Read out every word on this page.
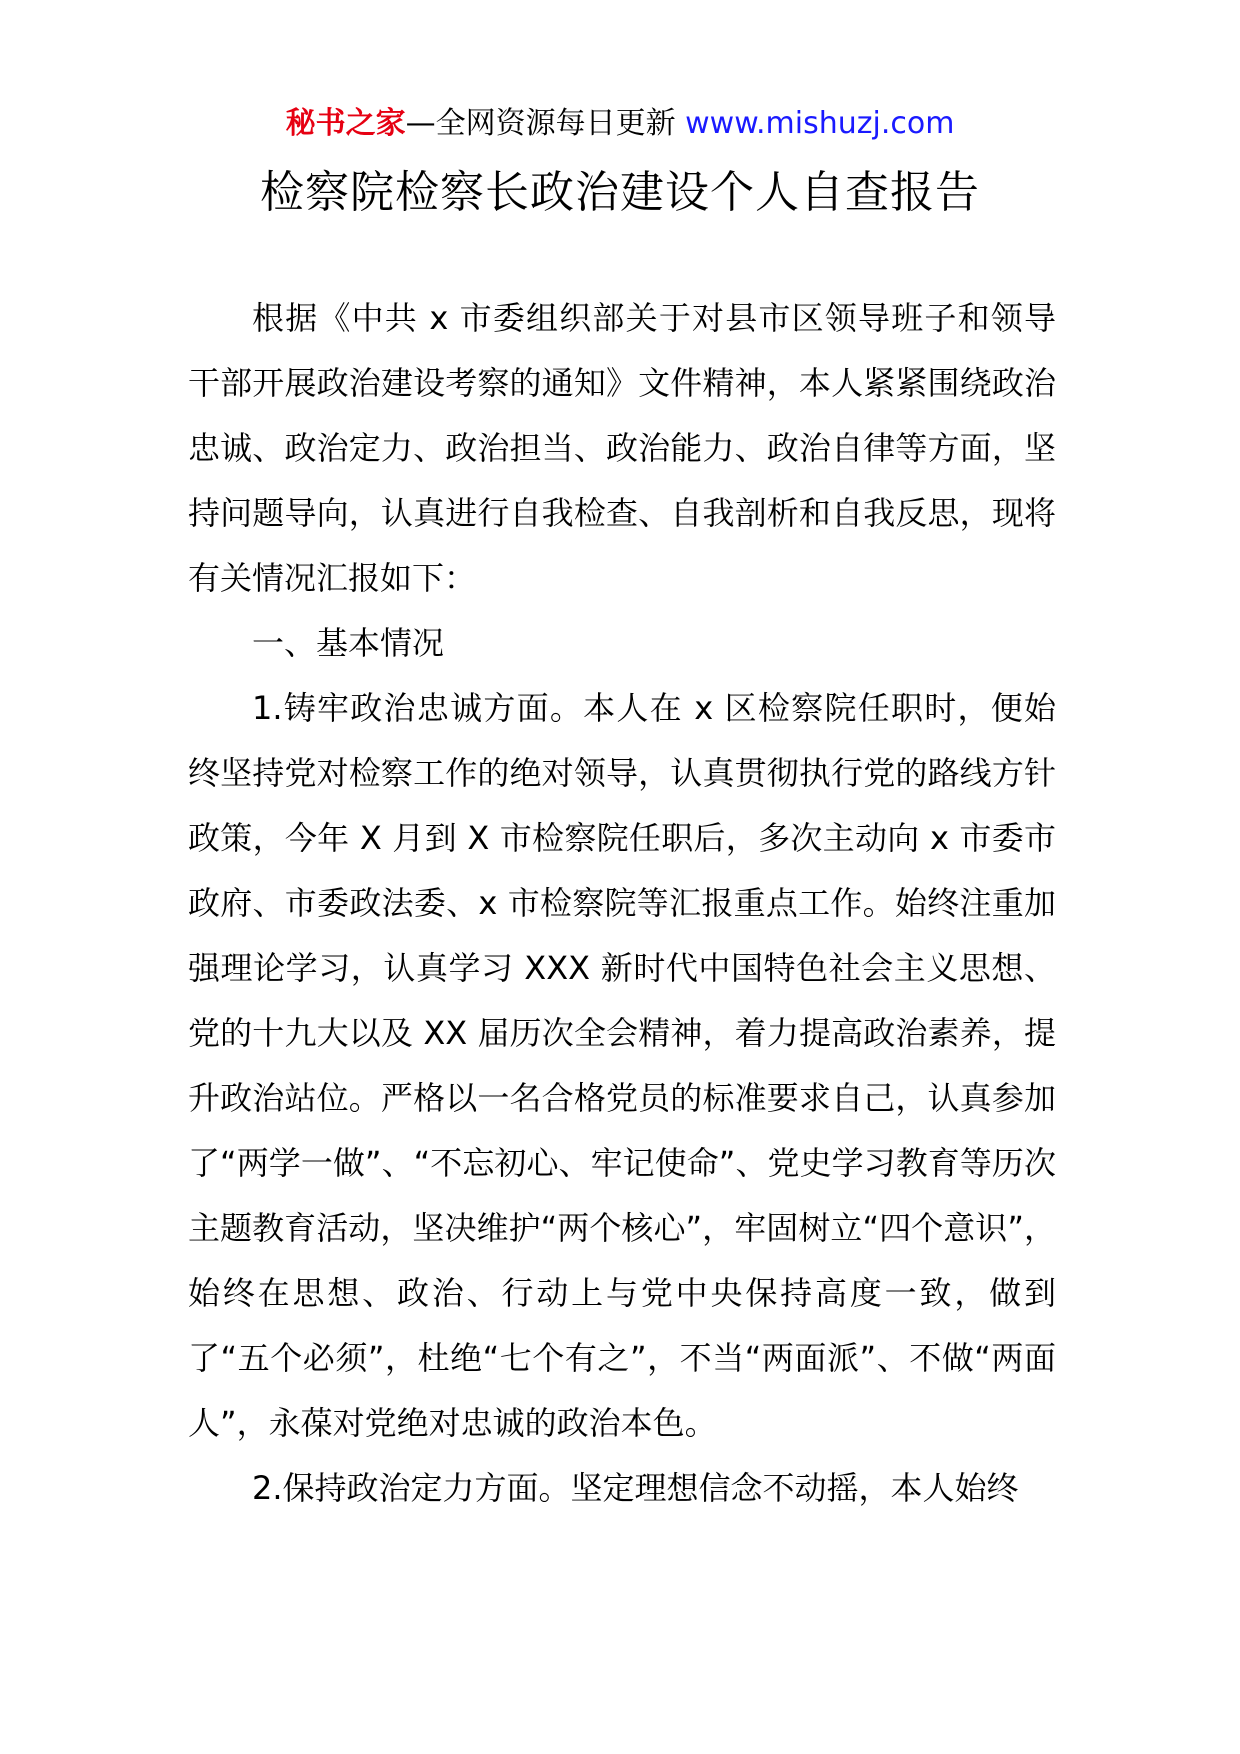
秘书之家—全网资源每日更新 www.mishuzj.com
检察院检察长政治建设个人自查报告

根据《中共 x 市委组织部关于对县市区领导班子和领导干部开展政治建设考察的通知》文件精神，本人紧紧围绕政治忠诚、政治定力、政治担当、政治能力、政治自律等方面，坚持问题导向，认真进行自我检查、自我剖析和自我反思，现将有关情况汇报如下：

一、基本情况

1.铸牢政治忠诚方面。本人在 x 区检察院任职时，便始终坚持党对检察工作的绝对领导，认真贯彻执行党的路线方针政策，今年 X 月到 X 市检察院任职后，多次主动向 x 市委市政府、市委政法委、x 市检察院等汇报重点工作。始终注重加强理论学习，认真学习 XXX 新时代中国特色社会主义思想、党的十九大以及 XX 届历次全会精神，着力提高政治素养，提升政治站位。严格以一名合格党员的标准要求自己，认真参加了“两学一做”、“不忘初心、牢记使命”、党史学习教育等历次主题教育活动，坚决维护“两个核心”，牢固树立“四个意识”，始终在思想、政治、行动上与党中央保持高度一致，做到了“五个必须”，杜绝“七个有之”，不当“两面派”、不做“两面人”，永葆对党绝对忠诚的政治本色。

2.保持政治定力方面。坚定理想信念不动摇，本人始终
